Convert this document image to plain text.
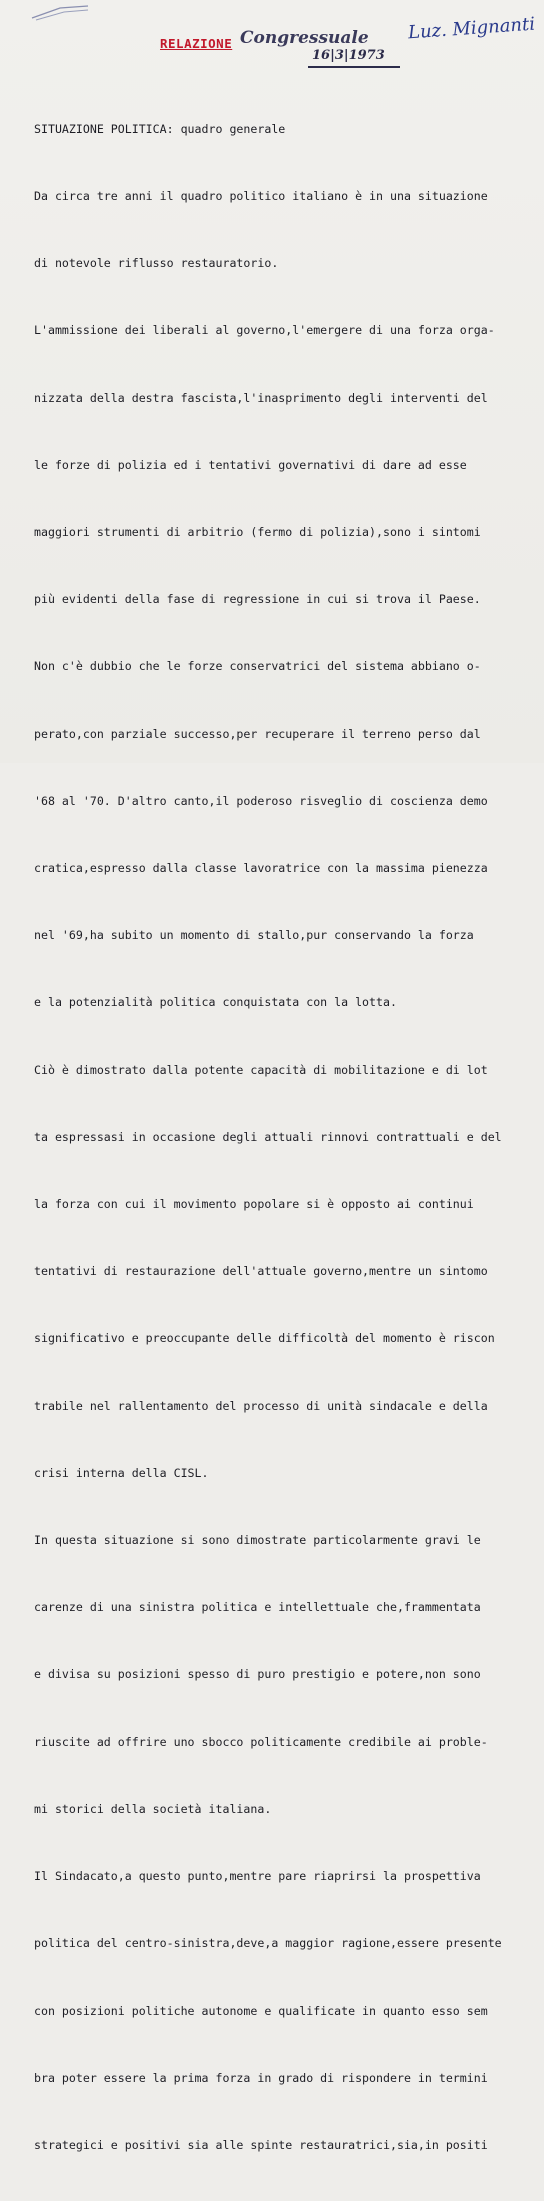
RELAZIONE Congressuale
16|3|1973
Luz. Mignanti

SITUAZIONE POLITICA: quadro generale

Da circa tre anni il quadro politico italiano è in una situazione

di notevole riflusso restauratorio.

L'ammissione dei liberali al governo,l'emergere di una forza orga-

nizzata della destra fascista,l'inasprimento degli interventi del

le forze di polizia ed i tentativi governativi di dare ad esse

maggiori strumenti di arbitrio (fermo di polizia),sono i sintomi

più evidenti della fase di regressione in cui si trova il Paese.

Non c'è dubbio che le forze conservatrici del sistema abbiano o-

perato,con parziale successo,per recuperare il terreno perso dal

'68 al '70. D'altro canto,il poderoso risveglio di coscienza demo

cratica,espresso dalla classe lavoratrice con la massima pienezza

nel '69,ha subito un momento di stallo,pur conservando la forza

e la potenzialità politica conquistata con la lotta.

Ciò è dimostrato dalla potente capacità di mobilitazione e di lot

ta espressasi in occasione degli attuali rinnovi contrattuali e del

la forza con cui il movimento popolare si è opposto ai continui

tentativi di restaurazione dell'attuale governo,mentre un sintomo

significativo e preoccupante delle difficoltà del momento è riscon

trabile nel rallentamento del processo di unità sindacale e della

crisi interna della CISL.

In questa situazione si sono dimostrate particolarmente gravi le

carenze di una sinistra politica e intellettuale che,frammentata

e divisa su posizioni spesso di puro prestigio e potere,non sono

riuscite ad offrire uno sbocco politicamente credibile ai proble-

mi storici della società italiana.

Il Sindacato,a questo punto,mentre pare riaprirsi la prospettiva

politica del centro-sinistra,deve,a maggior ragione,essere presente

con posizioni politiche autonome e qualificate in quanto esso sem

bra poter essere la prima forza in grado di rispondere in termini

strategici e positivi sia alle spinte restauratrici,sia,in positi
